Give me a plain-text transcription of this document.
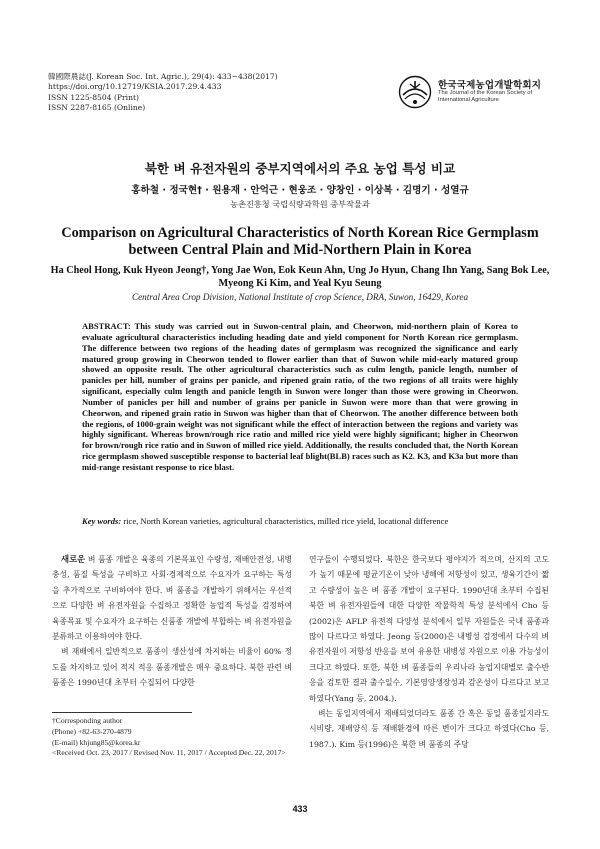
韓國際農誌(J. Korean Soc. Int. Agric.), 29(4): 433~438(2017)
https://doi.org/10.12719/KSIA.2017.29.4.433
ISSN 1225-8504 (Print)
ISSN 2287-8165 (Online)
한국국제농업개발학회지
The Journal of the Korean Society of International Agriculture
북한 벼 유전자원의 중부지역에서의 주요 농업 특성 비교
홍하철 · 정국현† · 원용재 · 안억근 · 현웅조 · 양창인 · 이상복 · 김명기 · 성열규
농촌진흥청 국립식량과학원 중부작물과
Comparison on Agricultural Characteristics of North Korean Rice Germplasm between Central Plain and Mid-Northern Plain in Korea
Ha Cheol Hong, Kuk Hyeon Jeong†, Yong Jae Won, Eok Keun Ahn, Ung Jo Hyun, Chang Ihn Yang, Sang Bok Lee, Myeong Ki Kim, and Yeal Kyu Seung
Central Area Crop Division, National Institute of crop Science, DRA, Suwon, 16429, Korea

ABSTRACT: This study was carried out in Suwon-central plain, and Cheorwon, mid-northern plain of Korea to evaluate agricultural characteristics including heading date and yield component for North Korean rice germplasm. The difference between two regions of the heading dates of germplasm was recognized the significance and early matured group growing in Cheorwon tended to flower earlier than that of Suwon while mid-early matured group showed an opposite result. The other agricultural characteristics such as culm length, panicle length, number of panicles per hill, number of grains per panicle, and ripened grain ratio, of the two regions of all traits were highly significant, especially culm length and panicle length in Suwon were longer than those were growing in Cheorwon. Number of panicles per hill and number of grains per panicle in Suwon were more than that were growing in Cheorwon, and ripened grain ratio in Suwon was higher than that of Cheorwon. The another difference between both the regions, of 1000-grain weight was not significant while the effect of interaction between the regions and variety was highly significant. Whereas brown/rough rice ratio and milled rice yield were highly significant; higher in Cheorwon for brown/rough rice ratio and in Suwon of milled rice yield. Additionally, the results concluded that, the North Korean rice germplasm showed susceptible response to bacterial leaf blight(BLB) races such as K2. K3, and K3a but more than mid-range resistant response to rice blast.

Key words: rice, North Korean varieties, agricultural characteristics, milled rice yield, locational difference

새로운 벼 품종 개발은 육종의 기본목표인 수량성, 재배안전성, 내병충성, 품질 특성을 구비하고 사회·경제적으로 수요자가 요구하는 특성을 추가적으로 구비하여야 한다. 벼 품종을 개발하기 위해서는 우선적으로 다양한 벼 유전자원을 수집하고 정확한 농업적 특성을 검정하여 육종목표 및 수요자가 요구하는 신품종 개발에 부합하는 벼 유전자원을 분류하고 이용하여야 한다.

벼 재배에서 일반적으로 품종이 생산성에 차지하는 비율이 60% 정도를 차지하고 있어 적지 적응 품종개발은 매우 중요하다. 북한 관련 벼 품종은 1990년대 초부터 수집되어 다양한

연구들이 수행되었다. 북한은 한국보다 평야지가 적으며, 산지의 고도가 높기 때문에 평균기온이 낮아 냉해에 저항성이 있고, 생육기간이 짧고 수량성이 높은 벼 품종 개발이 요구된다. 1990년대 초부터 수집된 북한 벼 유전자원들에 대한 다양한 작물학적 특성 분석에서 Cho 등(2002)은 AFLP 유전적 다양성 분석에서 일부 자원들은 국내 품종과 많이 다르다고 하였다. Jeong 등(2000)은 내병성 검정에서 다수의 벼 유전자원이 저항성 반응을 보여 유용한 내병성 자원으로 이용 가능성이 크다고 하였다. 또한, 북한 벼 품종들의 우리나라 농업지대별로 출수반응을 검토한 결과 출수일수, 기본영양생장성과 감온성이 다르다고 보고하였다(Yang 등, 2004.).

벼는 동일지역에서 재배되었더라도 품종 간 혹은 동일 품종일지라도 시비량, 재배양식 등 재배환경에 따른 변이가 크다고 하였다(Cho 등, 1987.). Kim 등(1996)은 북한 벼 품종의 주당

†Corresponding author
(Phone) +82-63-270-4879
(E-mail) khjung85@korea.kr
<Received Oct. 23, 2017 / Revised Nov. 11, 2017 / Accepted Dec. 22, 2017>
433
